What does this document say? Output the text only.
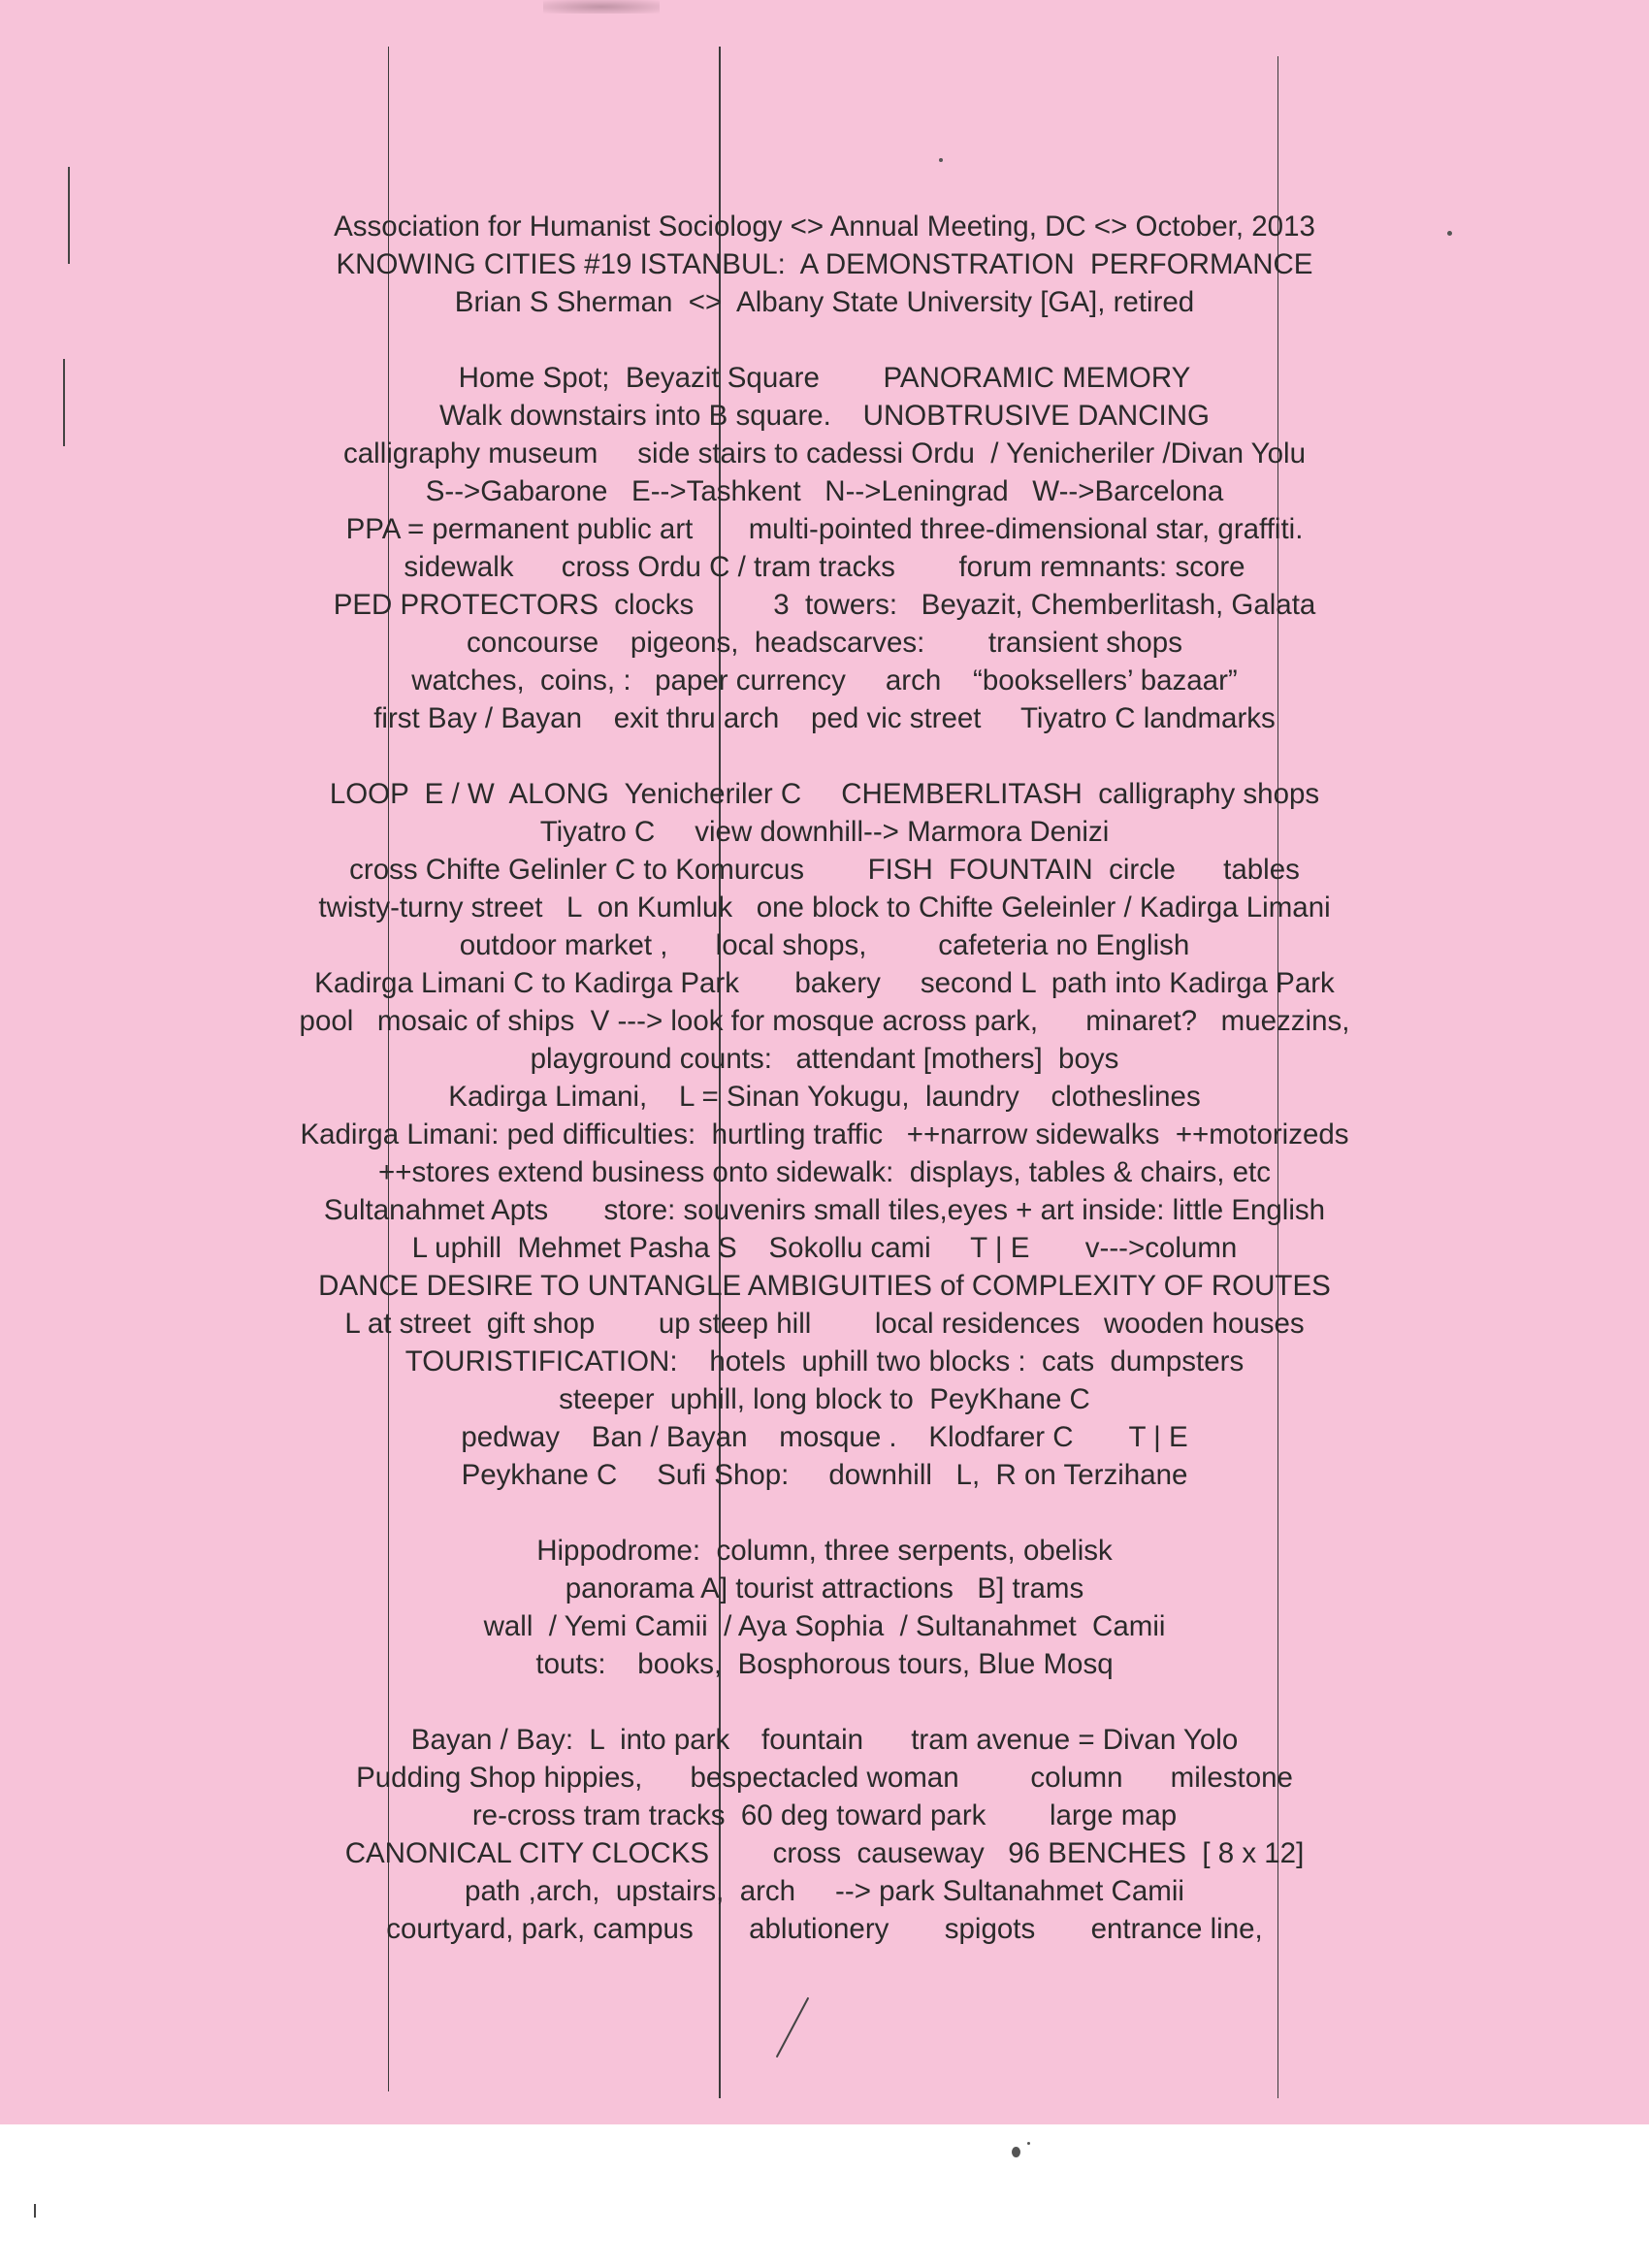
Association for Humanist Sociology <> Annual Meeting, DC <> October, 2013
KNOWING CITIES #19 ISTANBUL:  A DEMONSTRATION  PERFORMANCE
Brian S Sherman  <>  Albany State University [GA], retired
Home Spot;  Beyazit Square        PANORAMIC MEMORY
Walk downstairs into B square.    UNOBTRUSIVE DANCING
calligraphy museum     side stairs to cadessi Ordu  / Yenicheriler /Divan Yolu
S-->Gabarone   E-->Tashkent   N-->Leningrad   W-->Barcelona
PPA = permanent public art       multi-pointed three-dimensional star, graffiti.
sidewalk      cross Ordu C / tram tracks        forum remnants: score
PED PROTECTORS  clocks          3  towers:   Beyazit, Chemberlitash, Galata
concourse    pigeons,  headscarves:        transient shops
watches,  coins, :   paper currency     arch    “booksellers’ bazaar”
first Bay / Bayan    exit thru arch    ped vic street     Tiyatro C landmarks
LOOP  E / W  ALONG  Yenicheriler C     CHEMBERLITASH  calligraphy shops
Tiyatro C     view downhill--> Marmora Denizi
cross Chifte Gelinler C to Komurcus        FISH  FOUNTAIN  circle      tables
twisty-turny street   L  on Kumluk   one block to Chifte Geleinler / Kadirga Limani
outdoor market ,      local shops,         cafeteria no English
Kadirga Limani C to Kadirga Park       bakery     second L  path into Kadirga Park
pool   mosaic of ships  V ---> look for mosque across park,      minaret?   muezzins,
playground counts:   attendant [mothers]  boys
Kadirga Limani,    L = Sinan Yokugu,  laundry    clotheslines
Kadirga Limani: ped difficulties:  hurtling traffic   ++narrow sidewalks  ++motorizeds
++stores extend business onto sidewalk:  displays, tables & chairs, etc
Sultanahmet Apts       store: souvenirs small tiles,eyes + art inside: little English
L uphill  Mehmet Pasha S    Sokollu cami     T | E       v--->column
DANCE DESIRE TO UNTANGLE AMBIGUITIES of COMPLEXITY OF ROUTES
L at street  gift shop        up steep hill        local residences   wooden houses
TOURISTIFICATION:    hotels  uphill two blocks :  cats  dumpsters
steeper  uphill, long block to  PeyKhane C
pedway    Ban / Bayan    mosque .    Klodfarer C       T | E
Peykhane C     Sufi Shop:     downhill   L,  R on Terzihane
Hippodrome:  column, three serpents, obelisk
panorama A] tourist attractions   B] trams
wall  / Yemi Camii  / Aya Sophia  / Sultanahmet  Camii
touts:    books,  Bosphorous tours, Blue Mosq
Bayan / Bay:  L  into park    fountain      tram avenue = Divan Yolo
Pudding Shop hippies,      bespectacled woman         column      milestone
re-cross tram tracks  60 deg toward park        large map
CANONICAL CITY CLOCKS        cross  causeway   96 BENCHES  [ 8 x 12]
path ,arch,  upstairs,  arch     --> park Sultanahmet Camii
courtyard, park, campus       ablutionery       spigots       entrance line,
